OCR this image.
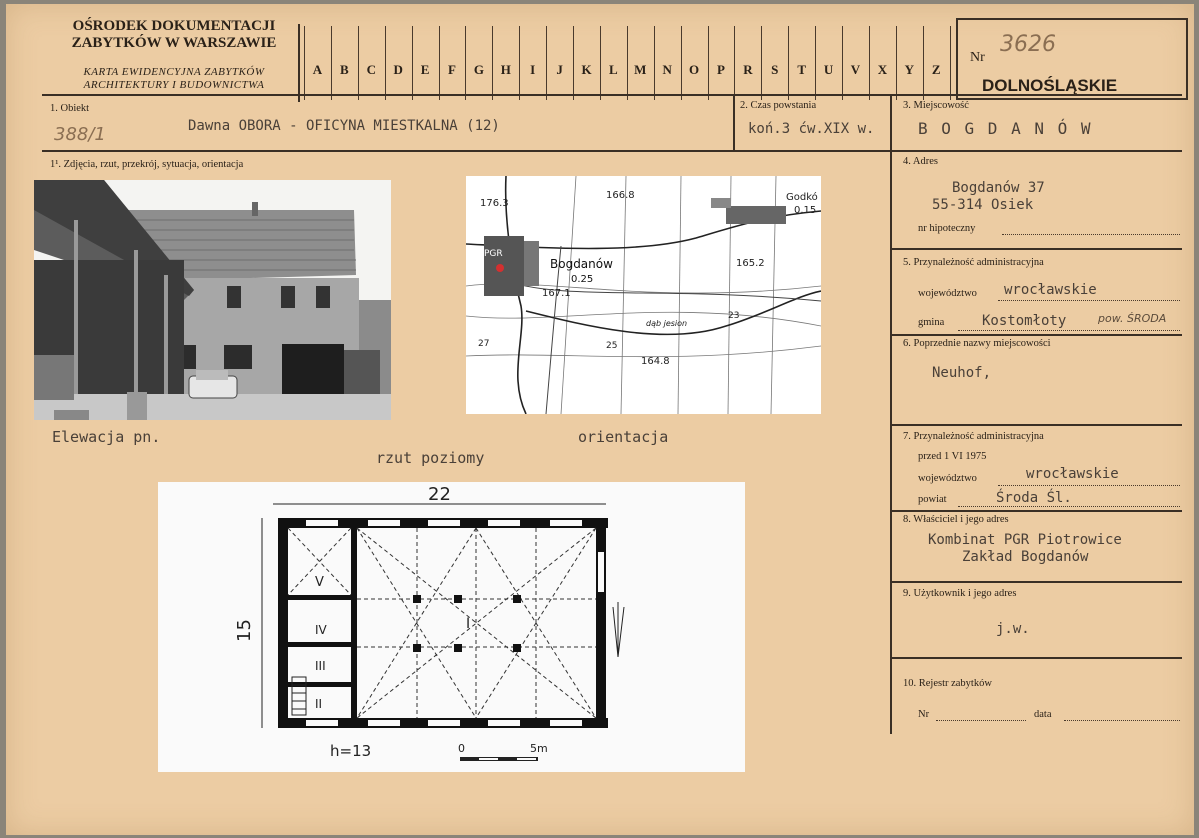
OŚRODEK DOKUMENTACJI
ZABYTKÓW W WARSZAWIE
KARTA EWIDENCYJNA ZABYTKÓW
ARCHITEKTURY I BUDOWNICTWA
A	B	C	D	E	F	G	H	I	J	K	L	M	N	O	P	R	S	T	U	V	X	Y	Z
Nr
3626
DOLNOŚLĄSKIE
1. Obiekt
388/1	Dawna OBORA - OFICYNA MIESTKALNA (12)
2. Czas powstania
koń.3 ćw.XIX w.
3. Miejscowość
B O G D A N Ó W
1¹. Zdjęcia, rzut, przekrój, sytuacja, orientacja
176.3
166.8	Godkó
0.15
Bogdanów
0.25
PGR
165.2
167.1
164.8
27	25
23
dąb jesion
Elewacja pn.	orientacja
rzut poziomy
22
15
V
IV
III
II
I
h=13	0	5m
4. Adres
Bogdanów 37
55-314 Osiek
nr hipoteczny
5. Przynależność administracyjna
województwo wrocławskie
gmina	Kostomłoty	pow. ŚRODA
6. Poprzednie nazwy miejscowości
Neuhof,
7. Przynależność administracyjna
przed 1 VI 1975
województwo	wrocławskie
powiat	Środa Śl.
8. Właściciel i jego adres
Kombinat PGR Piotrowice
Zakład Bogdanów
9. Użytkownik i jego adres
j.w.
10. Rejestr zabytków
Nr	data
